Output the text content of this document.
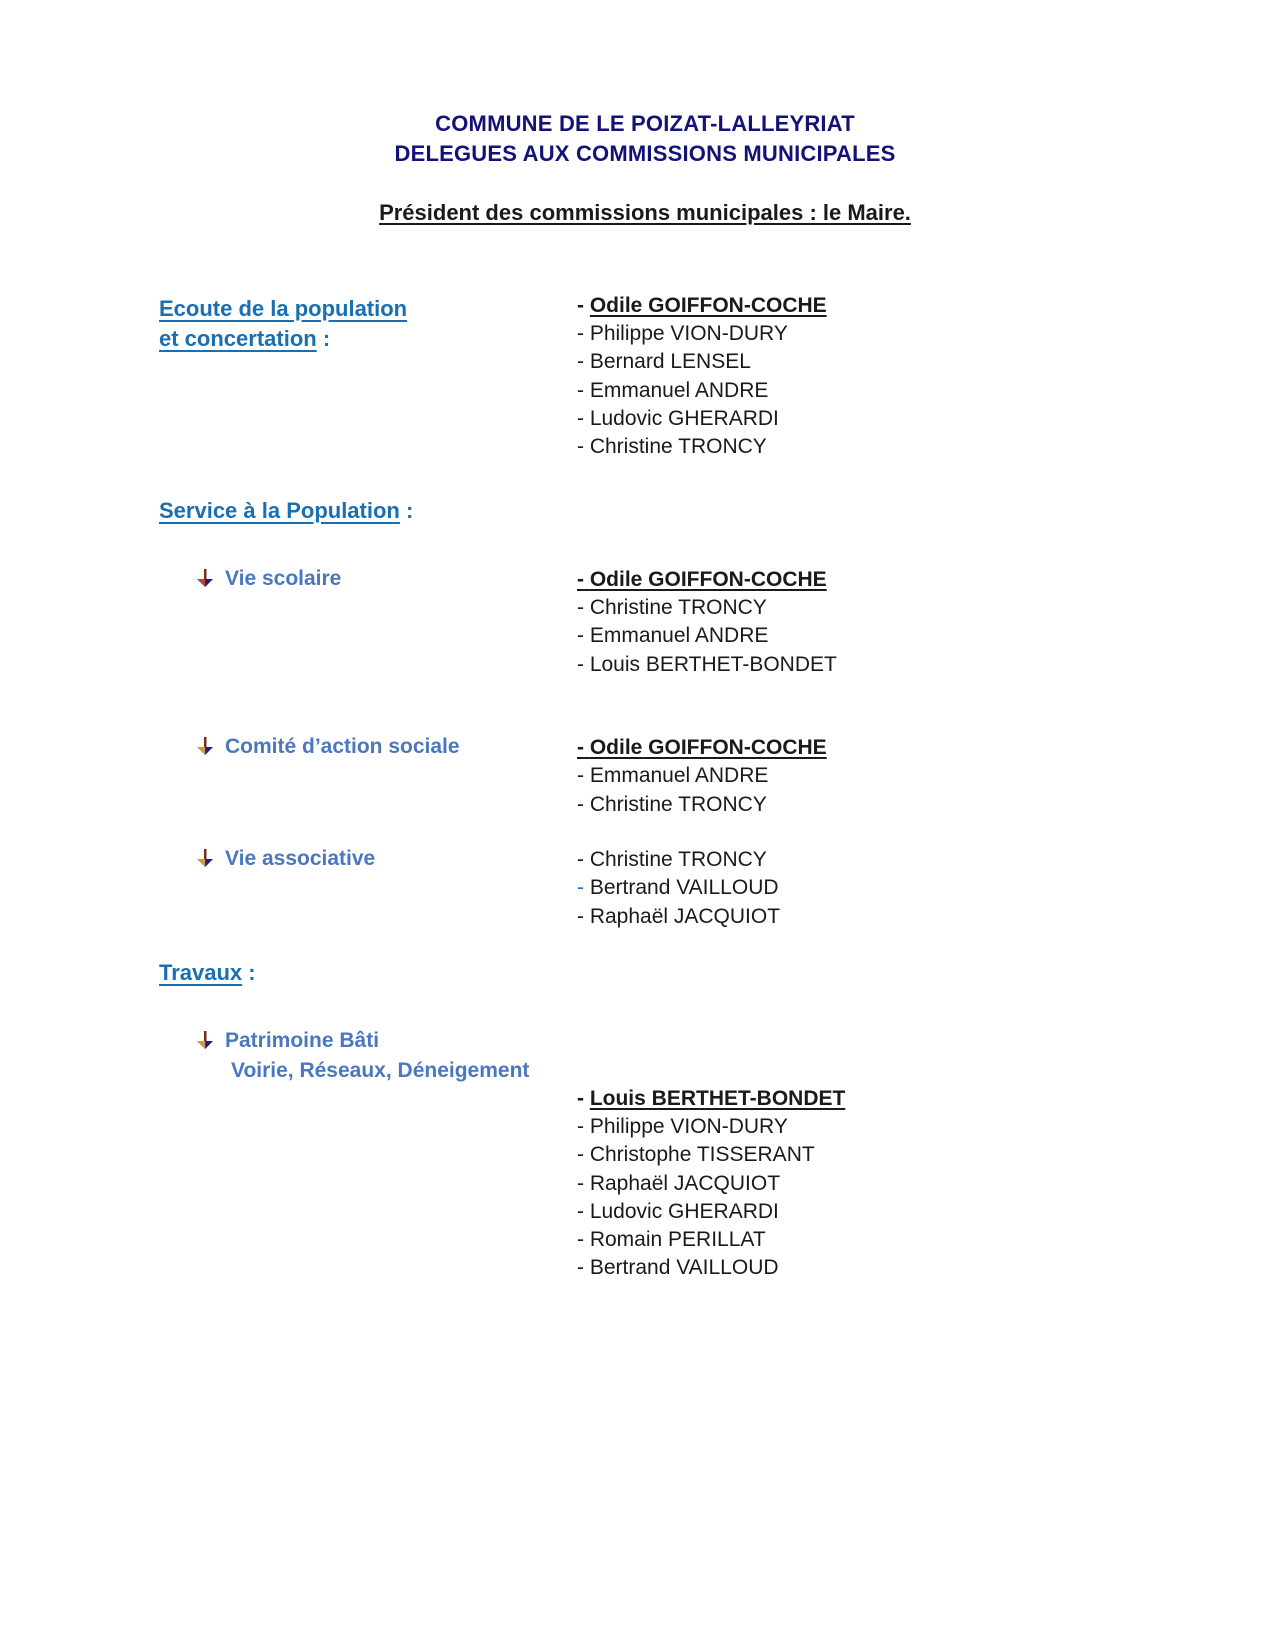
COMMUNE DE LE POIZAT-LALLEYRIAT
DELEGUES AUX COMMISSIONS MUNICIPALES
Président des commissions municipales : le Maire.
Ecoute de la population
et concertation :
- Odile GOIFFON-COCHE
- Philippe VION-DURY
- Bernard LENSEL
- Emmanuel ANDRE
- Ludovic GHERARDI
- Christine TRONCY
Service à la Population :
Vie scolaire	- Odile GOIFFON-COCHE
- Christine TRONCY
- Emmanuel ANDRE
- Louis BERTHET-BONDET
Comité d’action sociale	- Odile GOIFFON-COCHE
- Emmanuel ANDRE
- Christine TRONCY
Vie associative	- Christine TRONCY
- Bertrand VAILLOUD
- Raphaël JACQUIOT
Travaux :
Patrimoine Bâti
Voirie, Réseaux, Déneigement
- Louis BERTHET-BONDET
- Philippe VION-DURY
- Christophe TISSERANT
- Raphaël JACQUIOT
- Ludovic GHERARDI
- Romain PERILLAT
- Bertrand VAILLOUD
